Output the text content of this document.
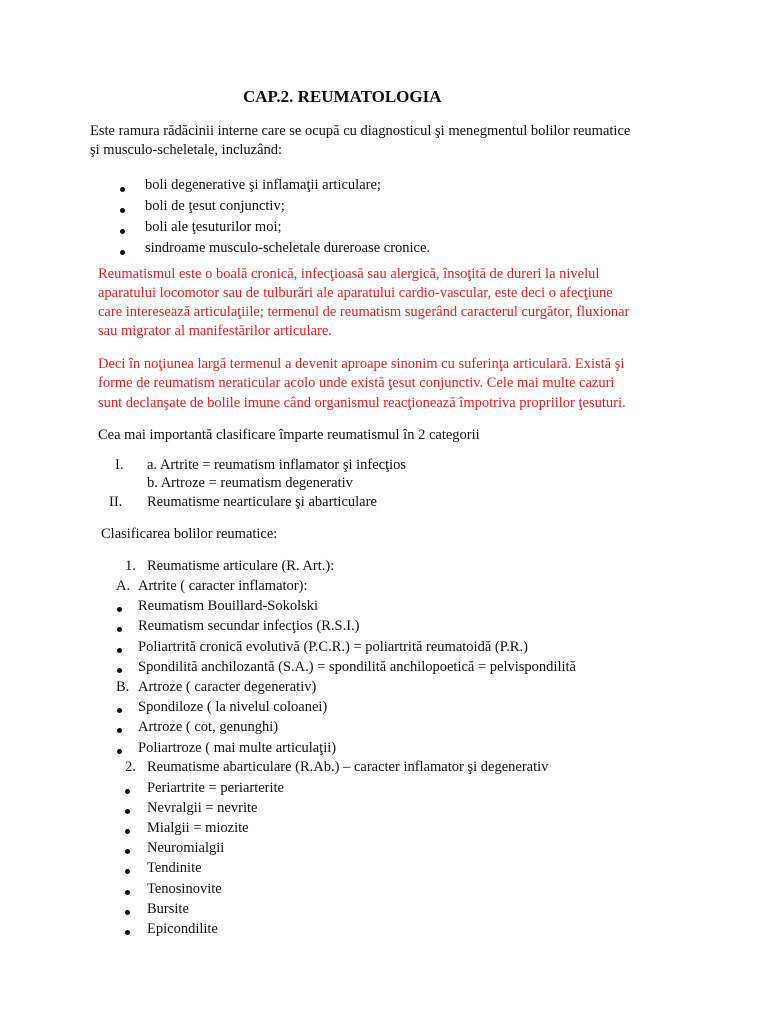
CAP.2. REUMATOLOGIA
Este ramura rădăcinii interne care se ocupă cu diagnosticul şi menegmentul bolilor reumatice
şi musculo-scheletale, incluzând:
boli degenerative şi inflamaţii articulare;
boli de ţesut conjunctiv;
boli ale ţesuturilor moi;
sindroame musculo-scheletale dureroase cronice.
Reumatismul este o boală cronică, infecţioasă sau alergică, însoţită de dureri la nivelul
aparatului locomotor sau de tulburări ale aparatului cardio-vascular, este deci o afecţiune
care interesează articulaţiile; termenul de reumatism sugerând caracterul curgător, fluxionar
sau migrator al manifestărilor articulare.
Deci în noţiunea largă termenul a devenit aproape sinonim cu suferinţa articulară. Există şi
forme de reumatism neraticular acolo unde există ţesut conjunctiv. Cele mai multe cazuri
sunt declanşate de bolile imune când organismul reacţionează împotriva propriilor ţesuturi.
Cea mai importantă clasificare împarte reumatismul în 2 categorii
I. a. Artrite = reumatism inflamator şi infecţios
b. Artroze = reumatism degenerativ
II. Reumatisme nearticulare şi abarticulare
Clasificarea bolilor reumatice:
1. Reumatisme articulare (R. Art.):
A. Artrite ( caracter inflamator):
Reumatism Bouillard-Sokolski
Reumatism secundar infecţios (R.S.I.)
Poliartrită cronică evolutivă (P.C.R.) = poliartrită reumatoidă (P.R.)
Spondilită anchilozantă (S.A.) = spondilită anchilopoetică = pelvispondilită
B. Artroze ( caracter degenerativ)
Spondiloze ( la nivelul coloanei)
Artroze ( cot, genunghi)
Poliartroze ( mai multe articulaţii)
2. Reumatisme abarticulare (R.Ab.) – caracter inflamator şi degenerativ
Periartrite = periarterite
Nevralgii = nevrite
Mialgii = miozite
Neuromialgii
Tendinite
Tenosinovite
Bursite
Epicondilite
